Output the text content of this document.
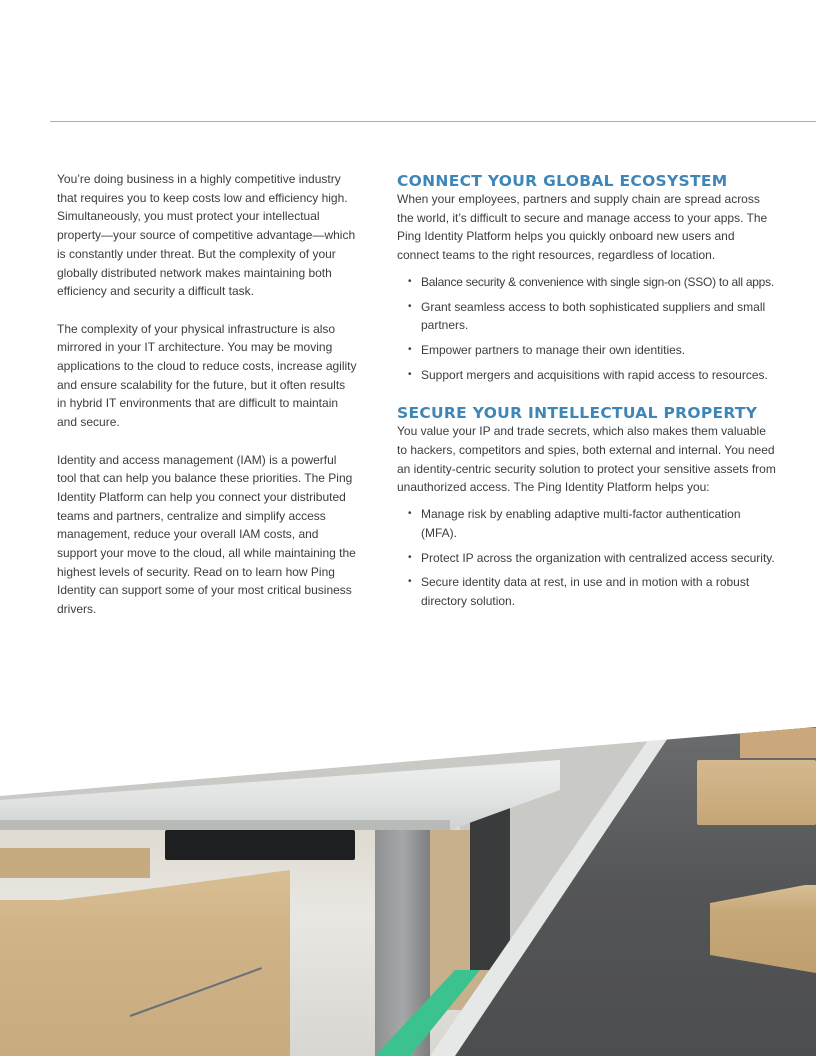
You’re doing business in a highly competitive industry that requires you to keep costs low and efficiency high. Simultaneously, you must protect your intellectual property—your source of competitive advantage—which is constantly under threat. But the complexity of your globally distributed network makes maintaining both efficiency and security a difficult task.

The complexity of your physical infrastructure is also mirrored in your IT architecture. You may be moving applications to the cloud to reduce costs, increase agility and ensure scalability for the future, but it often results in hybrid IT environments that are difficult to maintain and secure.

Identity and access management (IAM) is a powerful tool that can help you balance these priorities. The Ping Identity Platform can help you connect your distributed teams and partners, centralize and simplify access management, reduce your overall IAM costs, and support your move to the cloud, all while maintaining the highest levels of security. Read on to learn how Ping Identity can support some of your most critical business drivers.

CONNECT YOUR GLOBAL ECOSYSTEM

When your employees, partners and supply chain are spread across the world, it’s difficult to secure and manage access to your apps. The Ping Identity Platform helps you quickly onboard new users and connect teams to the right resources, regardless of location.

• Balance security & convenience with single sign-on (SSO) to all apps.
• Grant seamless access to both sophisticated suppliers and small partners.
• Empower partners to manage their own identities.
• Support mergers and acquisitions with rapid access to resources.
SECURE YOUR INTELLECTUAL PROPERTY

You value your IP and trade secrets, which also makes them valuable to hackers, competitors and spies, both external and internal. You need an identity-centric security solution to protect your sensitive assets from unauthorized access. The Ping Identity Platform helps you:

• Manage risk by enabling adaptive multi-factor authentication (MFA).
• Protect IP across the organization with centralized access security.
• Secure identity data at rest, in use and in motion with a robust directory solution.
